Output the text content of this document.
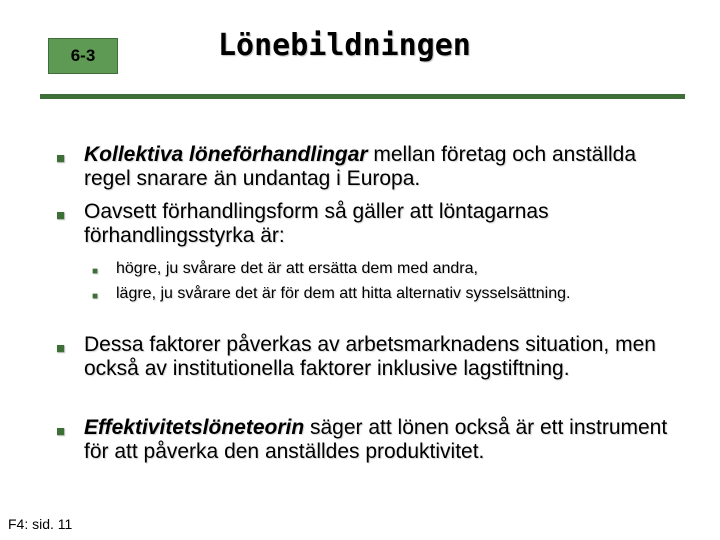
6-3	Lönebildningen
■ Kollektiva löneförhandlingar mellan företag och anställda regel snarare än undantag i Europa.
■ Oavsett förhandlingsform så gäller att löntagarnas förhandlingsstyrka är:
■ högre, ju svårare det är att ersätta dem med andra,
■ lägre, ju svårare det är för dem att hitta alternativ sysselsättning.
■ Dessa faktorer påverkas av arbetsmarknadens situation, men också av institutionella faktorer inklusive lagstiftning.
■ Effektivitetslöneteorin säger att lönen också är ett instrument för att påverka den anställdes produktivitet.
F4: sid. 11
